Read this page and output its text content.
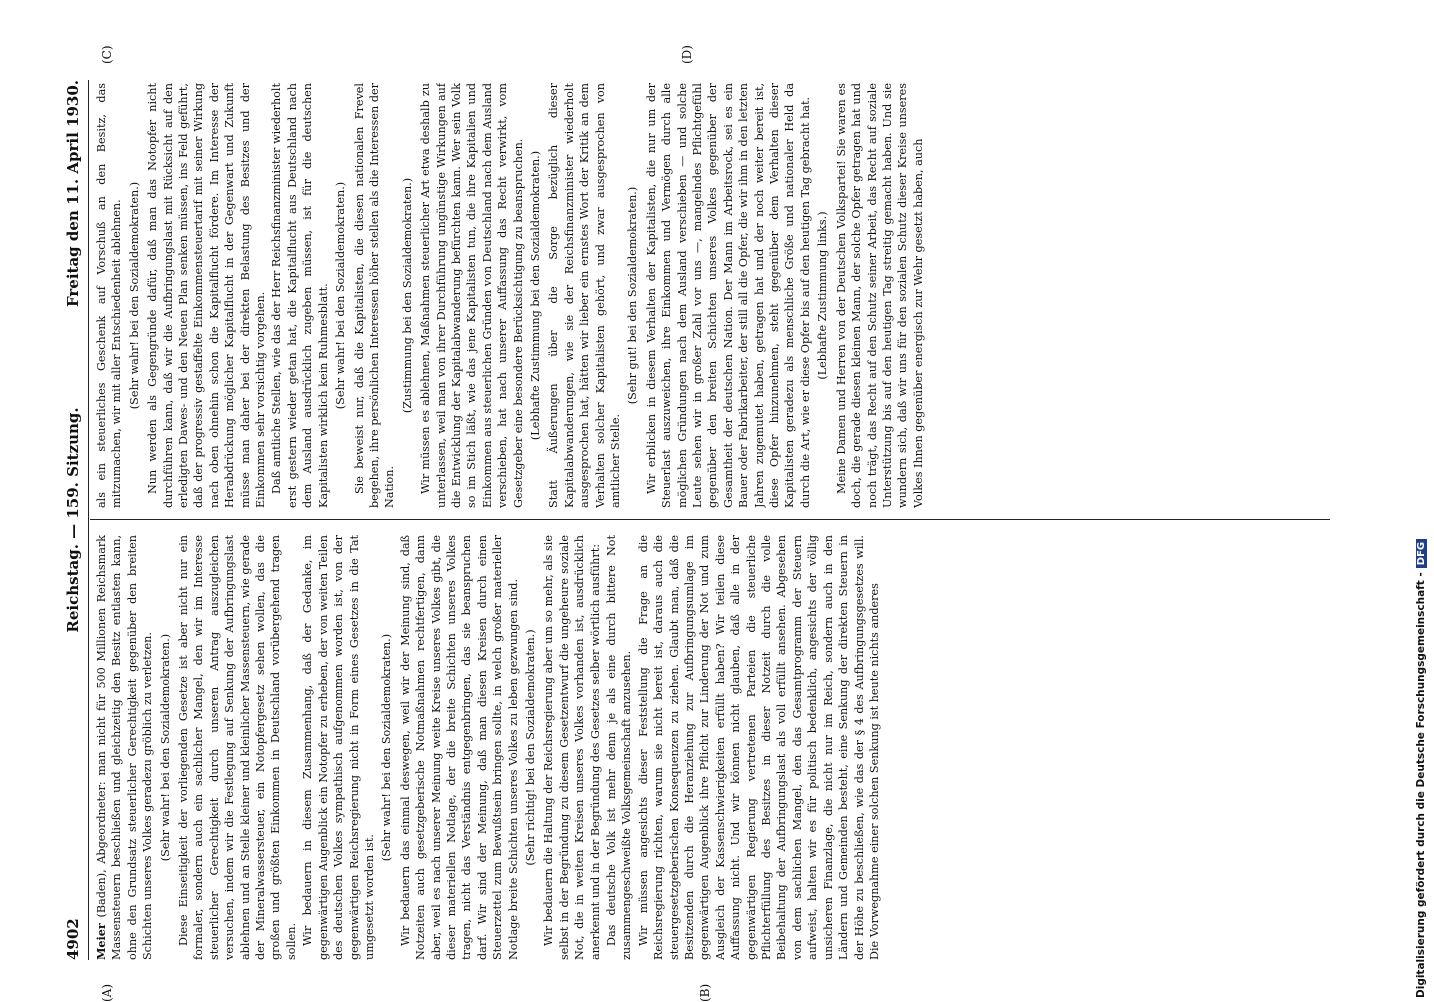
4902
Reichstag. — 159. Sitzung.
Freitag den 11. April 1930.
(A)	(B)
(C)	(D)

Meier (Baden), Abgeordneter: man nicht für 500 Millionen Reichsmark Massensteuern beschließen und gleichzeitig den Besitz entlasten kann, ohne den Grundsatz steuerlicher Gerechtigkeit gegenüber den breiten Schichten unseres Volkes geradezu gröblich zu verletzen. (Sehr wahr! bei den Sozialdemokraten.) Diese Einseitigkeit der vorliegenden Gesetze ist aber nicht nur ein formaler, sondern auch ein sachlicher Mangel, den wir im Interesse steuerlicher Gerechtigkeit durch unseren Antrag auszugleichen versuchen, indem wir die Festlegung auf Senkung der Aufbringungslast ablehnen und an Stelle kleiner und kleinlicher Massensteuern, wie gerade der Mineralwassersteuer, ein Notopfergesetz sehen wollen, das die großen und größten Einkommen in Deutschland vorübergehend tragen sollen. Wir bedauern in diesem Zusammenhang, daß der Gedanke, im gegenwärtigen Augenblick ein Notopfer zu erheben, der von weiten Teilen des deutschen Volkes sympathisch aufgenommen worden ist, von der gegenwärtigen Reichsregierung nicht in Form eines Gesetzes in die Tat umgesetzt worden ist.

(Sehr wahr! bei den Sozialdemokraten.) Wir bedauern das einmal deswegen, weil wir der Meinung sind, daß Notzeiten auch gesetzgeberische Notmaßnahmen rechtfertigen, dann aber, weil es nach unserer Meinung weite Kreise unseres Volkes gibt, die dieser materiellen Notlage, der die breite Schichten unseres Volkes tragen, nicht das Verständnis entgegenbringen, das sie beanspruchen darf. Wir sind der Meinung, daß man diesen Kreisen durch einen Steuerzettel zum Bewußtsein bringen sollte, in welch großer materieller Notlage breite Schichten unseres Volkes zu leben gezwungen sind. (Sehr richtig! bei den Sozialdemokraten.) Wir bedauern die Haltung der Reichsregierung aber um so mehr, als sie selbst in der Begründung zu diesem Gesetzentwurf die ungeheure soziale Not, die in weiten Kreisen unseres Volkes vorhanden ist, ausdrücklich anerkennt und in der Begründung des Gesetzes selber wörtlich ausführt: Das deutsche Volk ist mehr denn je als eine durch bittere Not zusammengeschweißte Volksgemeinschaft anzusehen. Wir müssen angesichts dieser Feststellung die Frage an die Reichsregierung richten, warum sie nicht bereit ist, daraus auch die steuergesetzgeberischen Konsequenzen zu ziehen. Glaubt man, daß die Besitzenden durch die Heranziehung zur Aufbringungsumlage im gegenwärtigen Augenblick ihre Pflicht zur Linderung der Not und zum Ausgleich der Kassenschwierigkeiten erfüllt haben? Wir teilen diese Auffassung nicht. Und wir können nicht glauben, daß alle in der gegenwärtigen Regierung vertretenen Parteien die steuerliche Pflichterfüllung des Besitzes in dieser Notzeit durch die volle Beibehaltung der Aufbringungslast als voll erfüllt ansehen. Abgesehen von dem sachlichen Mangel, den das Gesamtprogramm der Steuern aufweist, halten wir es für politisch bedenklich, angesichts der völlig unsicheren Finanzlage, die nicht nur im Reich, sondern auch in den Ländern und Gemeinden besteht, eine Senkung der direkten Steuern in der Höhe zu beschließen, wie das der § 4 des Aufbringungsgesetzes will. Die Vorwegnahme einer solchen Senkung ist heute nichts anderes

als ein steuerliches Geschenk auf Vorschuß an den Besitz, das mitzumachen, wir mit aller Entschiedenheit ablehnen. (Sehr wahr! bei den Sozialdemokraten.) Nun werden als Gegengründe dafür, daß man das Notopfer nicht durchführen kann, daß wir die Aufbringungslast mit Rücksicht auf den erledigten Dawes- und den Neuen Plan senken müssen, ins Feld geführt, daß der progressiv gestaffelte Einkommensteuertarif mit seiner Wirkung nach oben ohnehin schon die Kapitalflucht fördere. Im Interesse der Herabdrückung möglicher Kapitalflucht in der Gegenwart und Zukunft müsse man daher bei der direkten Belastung des Besitzes und der Einkommen sehr vorsichtig vorgehen. Daß amtliche Stellen, wie das der Herr Reichsfinanzminister wiederholt erst gestern wieder getan hat, die Kapitalflucht aus Deutschland nach dem Ausland ausdrücklich zugeben müssen, ist für die deutschen Kapitalisten wirklich kein Ruhmesblatt. (Sehr wahr! bei den Sozialdemokraten.) Sie beweist nur, daß die Kapitalisten, die diesen nationalen Frevel begehen, ihre persönlichen Interessen höher stellen als die Interessen der Nation.

(Zustimmung bei den Sozialdemokraten.) Wir müssen es ablehnen, Maßnahmen steuerlicher Art etwa deshalb zu unterlassen, weil man von ihrer Durchführung ungünstige Wirkungen auf die Entwicklung der Kapitalabwanderung befürchten kann. Wer sein Volk so im Stich läßt, wie das jene Kapitalisten tun, die ihre Kapitalien und Einkommen aus steuerlichen Gründen von Deutschland nach dem Ausland verschieben, hat nach unserer Auffassung das Recht verwirkt, vom Gesetzgeber eine besondere Berücksichtigung zu beanspruchen. (Lebhafte Zustimmung bei den Sozialdemokraten.) Statt Äußerungen über die Sorge bezüglich dieser Kapitalabwanderungen, wie sie der Reichsfinanzminister wiederholt ausgesprochen hat, hätten wir lieber ein ernstes Wort der Kritik an dem Verhalten solcher Kapitalisten gehört, und zwar ausgesprochen von amtlicher Stelle.

(Sehr gut! bei den Sozialdemokraten.) Wir erblicken in diesem Verhalten der Kapitalisten, die nur um der Steuerlast auszuweichen, ihre Einkommen und Vermögen durch alle möglichen Gründungen nach dem Ausland verschieben — und solche Leute sehen wir in großer Zahl vor uns —, mangelndes Pflichtgefühl gegenüber den breiten Schichten unseres Volkes gegenüber der Gesamtheit der deutschen Nation. Der Mann im Arbeitsrock, sei es ein Bauer oder Fabrikarbeiter, der still all die Opfer, die wir ihm in den letzten Jahren zugemutet haben, getragen hat und der noch weiter bereit ist, diese Opfer hinzunehmen, steht gegenüber dem Verhalten dieser Kapitalisten geradezu als menschliche Größe und nationaler Held da durch die Art, wie er diese Opfer bis auf den heutigen Tag gebracht hat. (Lebhafte Zustimmung links.) Meine Damen und Herren von der Deutschen Volkspartei! Sie waren es doch, die gerade diesen kleinen Mann, der solche Opfer getragen hat und noch trägt, das Recht auf den Schutz seiner Arbeit, das Recht auf soziale Unterstützung bis auf den heutigen Tag streitig gemacht haben. Und sie wundern sich, daß wir uns für den sozialen Schutz dieser Kreise unseres Volkes Ihnen gegenüber energisch zur Wehr gesetzt haben, auch

Digitalisierung gefördert durch die Deutsche Forschungsgemeinschaft -DFG
